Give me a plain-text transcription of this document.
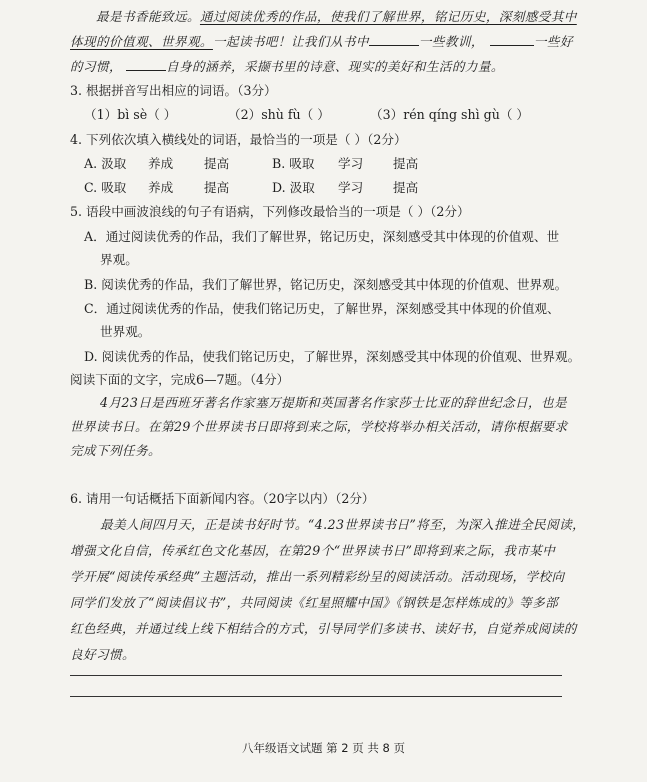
最是书香能致远。通过阅读优秀的作品，使我们了解世界，铭记历史，深刻感受其中
体现的价值观、世界观。一起读书吧！让我们从书中	一些教训，	一些好
的习惯，	自身的涵养，采撷书里的诗意、现实的美好和生活的力量。
3. 根据拼音写出相应的词语。（3分）
（1）bì sè（ ）	（2）shù fù（ ）	（3）rén qíng shì gù（ ）
4. 下列依次填入横线处的词语，最恰当的一项是（ ）（2分）
A. 汲取 养成 提高	B. 吸取 学习 提高
C. 吸取 养成 提高	D. 汲取 学习 提高
5. 语段中画波浪线的句子有语病，下列修改最恰当的一项是（ ）（2分）
A．通过阅读优秀的作品，我们了解世界，铭记历史，深刻感受其中体现的价值观、世
界观。
B. 阅读优秀的作品，我们了解世界，铭记历史，深刻感受其中体现的价值观、世界观。
C．通过阅读优秀的作品，使我们铭记历史，了解世界，深刻感受其中体现的价值观、
世界观。
D. 阅读优秀的作品，使我们铭记历史，了解世界，深刻感受其中体现的价值观、世界观。
阅读下面的文字，完成6—7题。（4分）
4月23日是西班牙著名作家塞万提斯和英国著名作家莎士比亚的辞世纪念日，也是
世界读书日。在第29个世界读书日即将到来之际，学校将举办相关活动，请你根据要求
完成下列任务。
6. 请用一句话概括下面新闻内容。（20字以内）（2分）
最美人间四月天，正是读书好时节。“4.23世界读书日”将至，为深入推进全民阅读，
增强文化自信，传承红色文化基因，在第29个“世界读书日”即将到来之际，我市某中
学开展“阅读传承经典”主题活动，推出一系列精彩纷呈的阅读活动。活动现场，学校向
同学们发放了“阅读倡议书”，共同阅读《红星照耀中国》《钢铁是怎样炼成的》等多部
红色经典，并通过线上线下相结合的方式，引导同学们多读书、读好书，自觉养成阅读的
良好习惯。
八年级语文试题 第 2 页 共 8 页
